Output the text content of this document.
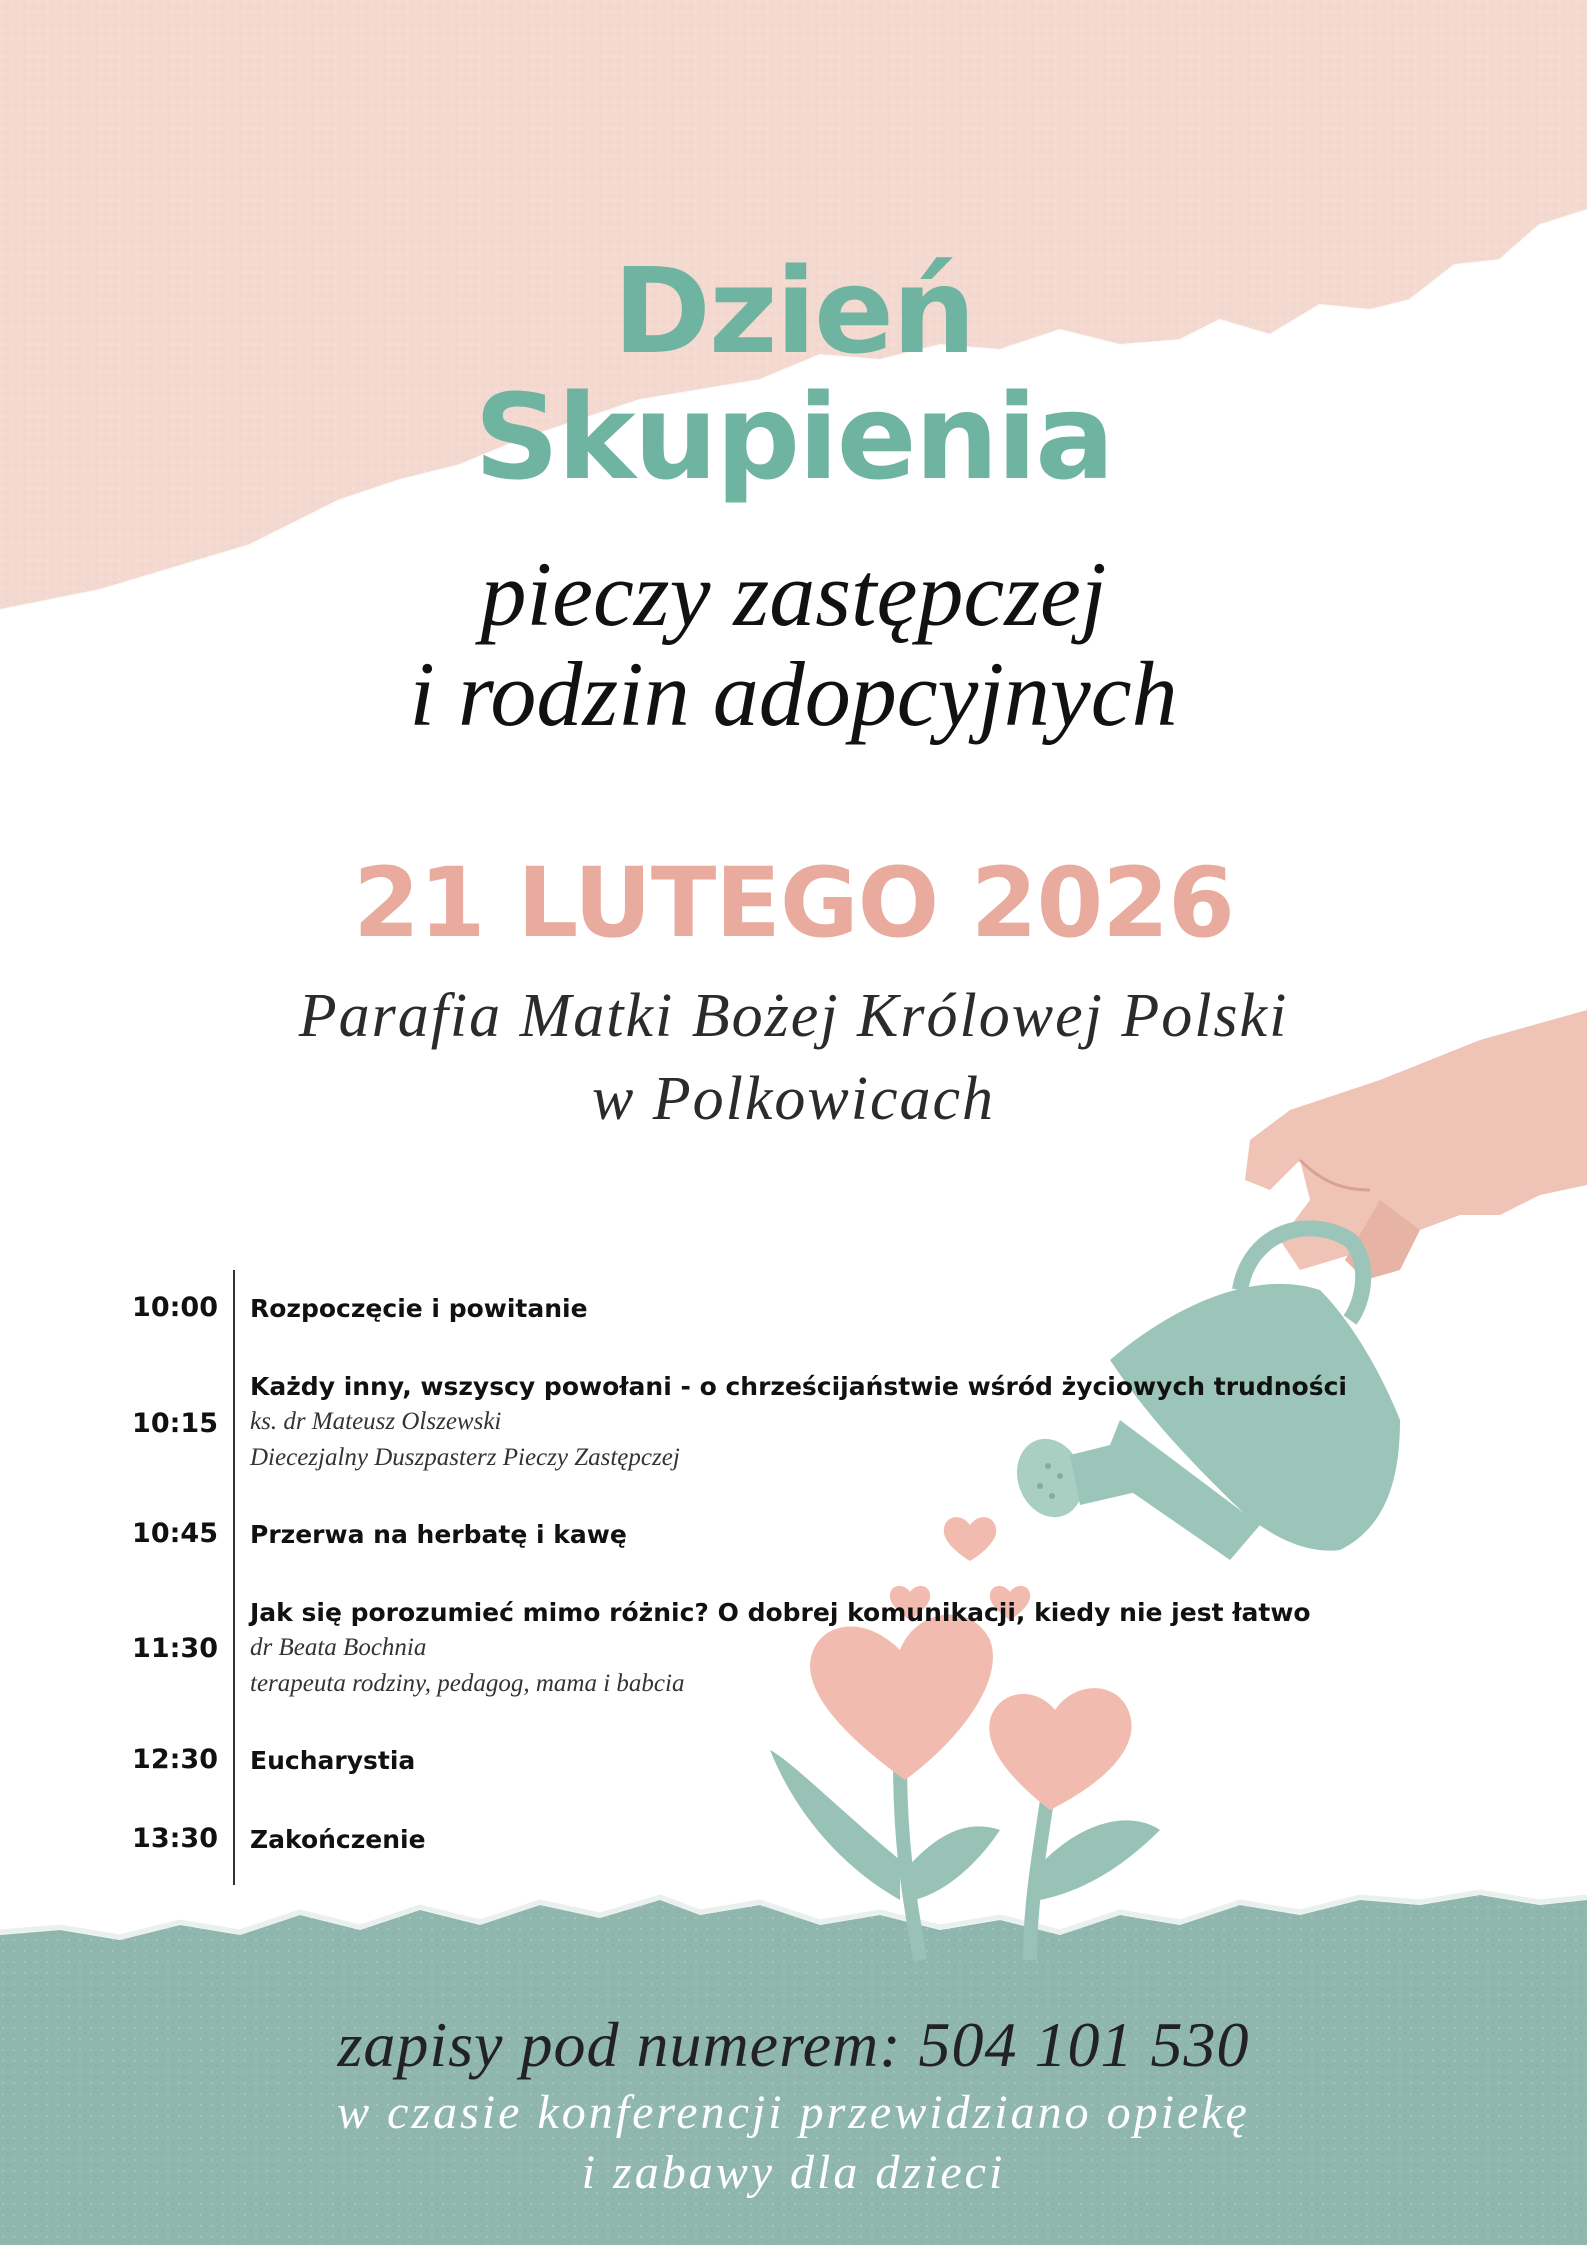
Dzień
Skupienia
pieczy zastępczej
i rodzin adopcyjnych
21 LUTEGO 2026
Parafia Matki Bożej Królowej Polski
w Polkowicach
10:00 Rozpoczęcie i powitanie
10:15
Każdy inny, wszyscy powołani - o chrześcijaństwie wśród życiowych trudności
ks. dr Mateusz Olszewski
Diecezjalny Duszpasterz Pieczy Zastępczej
10:45 Przerwa na herbatę i kawę
11:30
Jak się porozumieć mimo różnic? O dobrej komunikacji, kiedy nie jest łatwo
dr Beata Bochnia
terapeuta rodziny, pedagog, mama i babcia
12:30 Eucharystia
13:30 Zakończenie
zapisy pod numerem: 504 101 530
w czasie konferencji przewidziano opiekę
i zabawy dla dzieci
